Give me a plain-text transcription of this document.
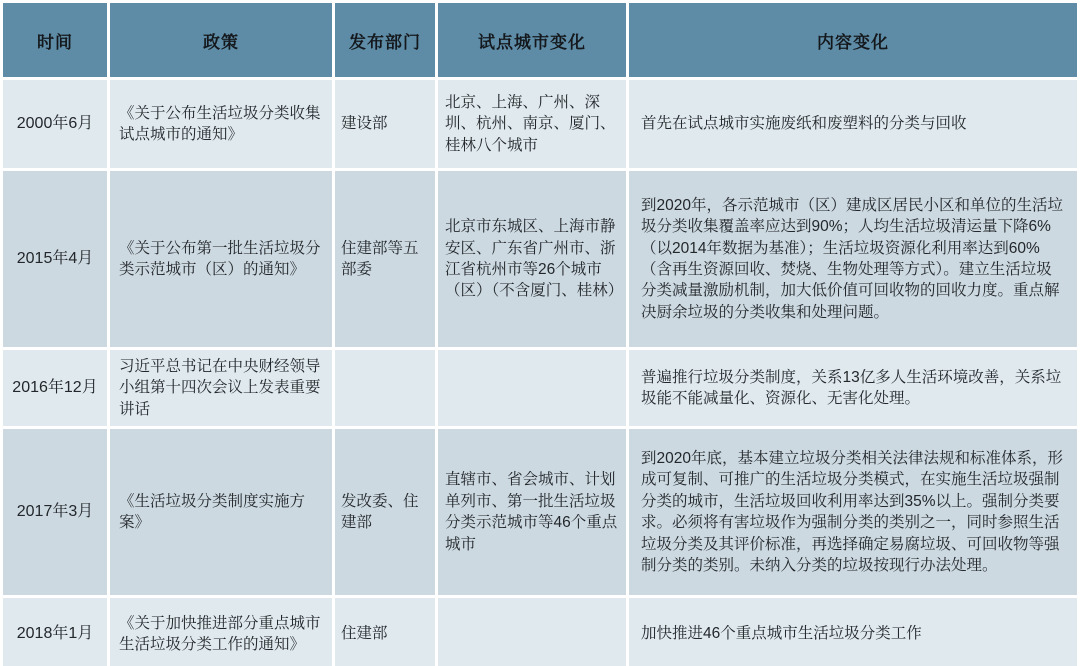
时间	政策	发布部门	试点城市变化	内容变化
2000年6月	《关于公布生活垃圾分类收集试点城市的通知》	建设部	北京、上海、广州、深圳、杭州、南京、厦门、桂林八个城市	首先在试点城市实施废纸和废塑料的分类与回收
2015年4月	《关于公布第一批生活垃圾分类示范城市（区）的通知》	住建部等五部委	北京市东城区、上海市静安区、广东省广州市、浙江省杭州市等26个城市（区）（不含厦门、桂林）	到2020年，各示范城市（区）建成区居民小区和单位的生活垃圾分类收集覆盖率应达到90%；人均生活垃圾清运量下降6%（以2014年数据为基准）；生活垃圾资源化利用率达到60%（含再生资源回收、焚烧、生物处理等方式）。建立生活垃圾分类减量激励机制，加大低价值可回收物的回收力度。重点解决厨余垃圾的分类收集和处理问题。
2016年12月	习近平总书记在中央财经领导小组第十四次会议上发表重要讲话			普遍推行垃圾分类制度，关系13亿多人生活环境改善，关系垃圾能不能减量化、资源化、无害化处理。
2017年3月	《生活垃圾分类制度实施方案》	发改委、住建部	直辖市、省会城市、计划单列市、第一批生活垃圾分类示范城市等46个重点城市	到2020年底，基本建立垃圾分类相关法律法规和标准体系，形成可复制、可推广的生活垃圾分类模式，在实施生活垃圾强制分类的城市，生活垃圾回收利用率达到35%以上。强制分类要求。必须将有害垃圾作为强制分类的类别之一，同时参照生活垃圾分类及其评价标准，再选择确定易腐垃圾、可回收物等强制分类的类别。未纳入分类的垃圾按现行办法处理。
2018年1月	《关于加快推进部分重点城市生活垃圾分类工作的通知》	住建部		加快推进46个重点城市生活垃圾分类工作
